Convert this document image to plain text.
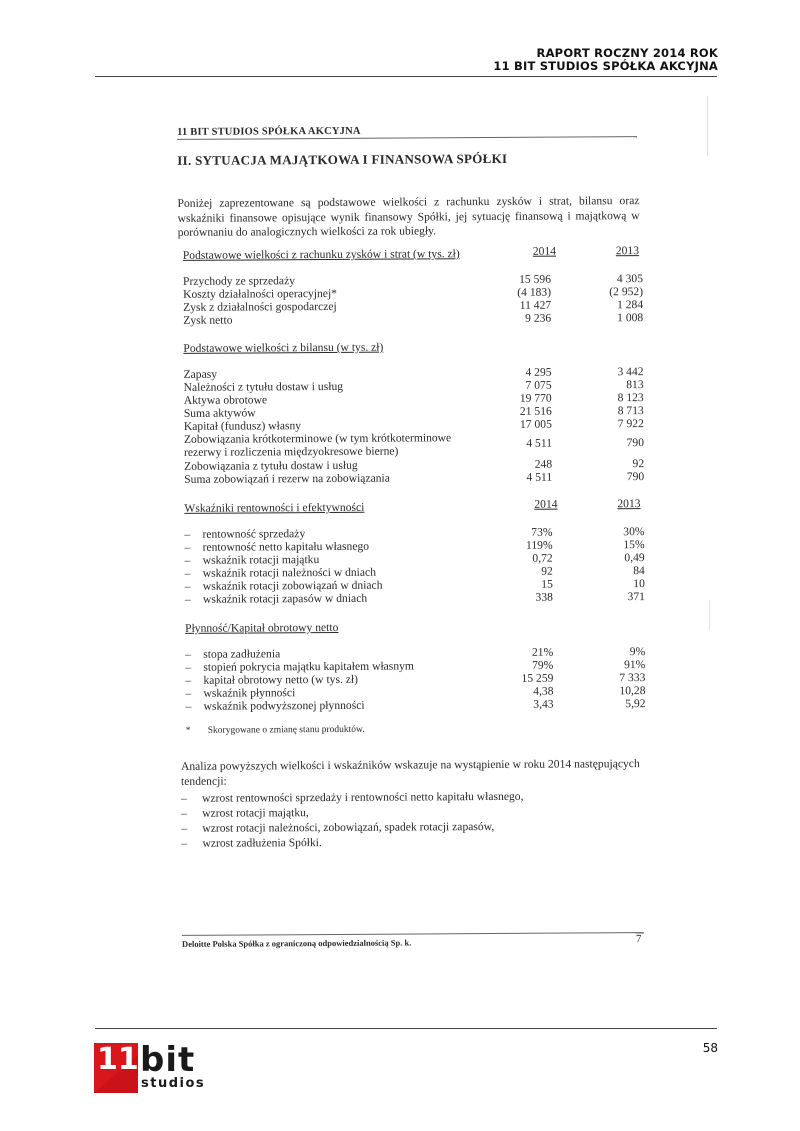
RAPORT ROCZNY 2014 ROK
11 BIT STUDIOS SPÓŁKA AKCYJNA
11 BIT STUDIOS SPÓŁKA AKCYJNA
II. SYTUACJA MAJĄTKOWA I FINANSOWA SPÓŁKI
Poniżej zaprezentowane są podstawowe wielkości z rachunku zysków i strat, bilansu oraz wskaźniki finansowe opisujące wynik finansowy Spółki, jej sytuację finansową i majątkową w porównaniu do analogicznych wielkości za rok ubiegły.
Podstawowe wielkości z rachunku zysków i strat (w tys. zł)	2014	2013
Przychody ze sprzedaży	15 596	4 305
Koszty działalności operacyjnej*	(4 183)	(2 952)
Zysk z działalności gospodarczej	11 427	1 284
Zysk netto	9 236	1 008
Podstawowe wielkości z bilansu (w tys. zł)
Zapasy	4 295	3 442
Należności z tytułu dostaw i usług	7 075	813
Aktywa obrotowe	19 770	8 123
Suma aktywów	21 516	8 713
Kapitał (fundusz) własny	17 005	7 922
Zobowiązania krótkoterminowe (w tym krótkoterminowe rezerwy i rozliczenia międzyokresowe bierne)
4 511	790
Zobowiązania z tytułu dostaw i usług	248	92
Suma zobowiązań i rezerw na zobowiązania	4 511	790
Wskaźniki rentowności i efektywności	2014	2013
– rentowność sprzedaży	73%	30%
– rentowność netto kapitału własnego	119%	15%
– wskaźnik rotacji majątku	0,72	0,49
– wskaźnik rotacji należności w dniach	92	84
– wskaźnik rotacji zobowiązań w dniach	15	10
– wskaźnik rotacji zapasów w dniach	338	371
Płynność/Kapitał obrotowy netto
– stopa zadłużenia	21%	9%
– stopień pokrycia majątku kapitałem własnym	79%	91%
– kapitał obrotowy netto (w tys. zł)	15 259	7 333
– wskaźnik płynności	4,38	10,28
– wskaźnik podwyższonej płynności	3,43	5,92
* Skorygowane o zmianę stanu produktów.
Analiza powyższych wielkości i wskaźników wskazuje na wystąpienie w roku 2014 następujących tendencji:
– wzrost rentowności sprzedaży i rentowności netto kapitału własnego,
– wzrost rotacji majątku,
– wzrost rotacji należności, zobowiązań, spadek rotacji zapasów,
– wzrost zadłużenia Spółki.
Deloitte Polska Spółka z ograniczoną odpowiedzialnością Sp. k.	7
58
11 bit
studios
